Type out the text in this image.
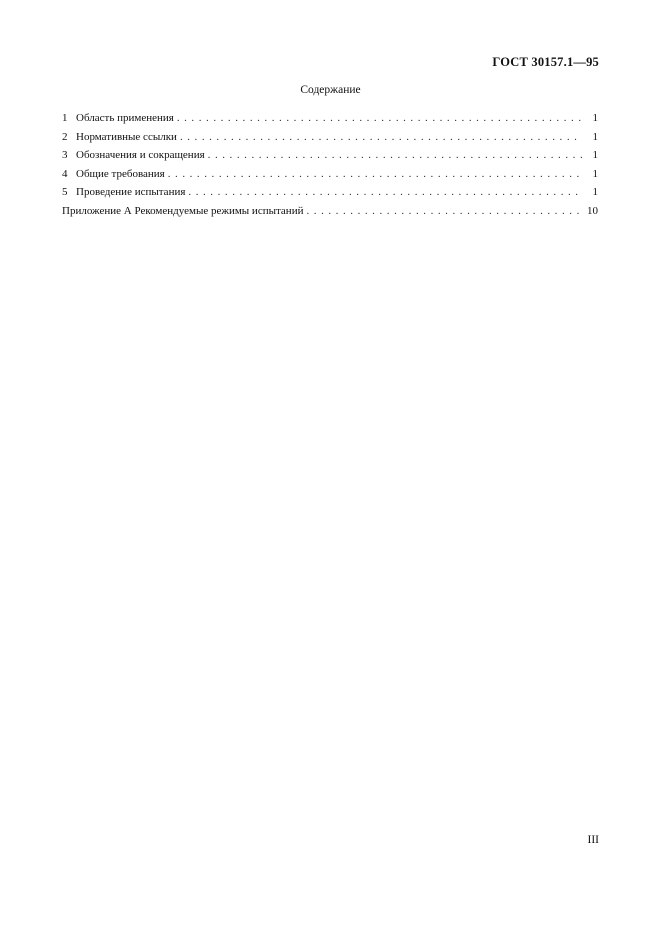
ГОСТ 30157.1—95
Содержание
1 Область применения . . .	1
2 Нормативные ссылки . . .	1
3 Обозначения и сокращения . . .	1
4 Общие требования . . .	1
5 Проведение испытания . . .	1
Приложение А Рекомендуемые режимы испытаний . . .	10
III
